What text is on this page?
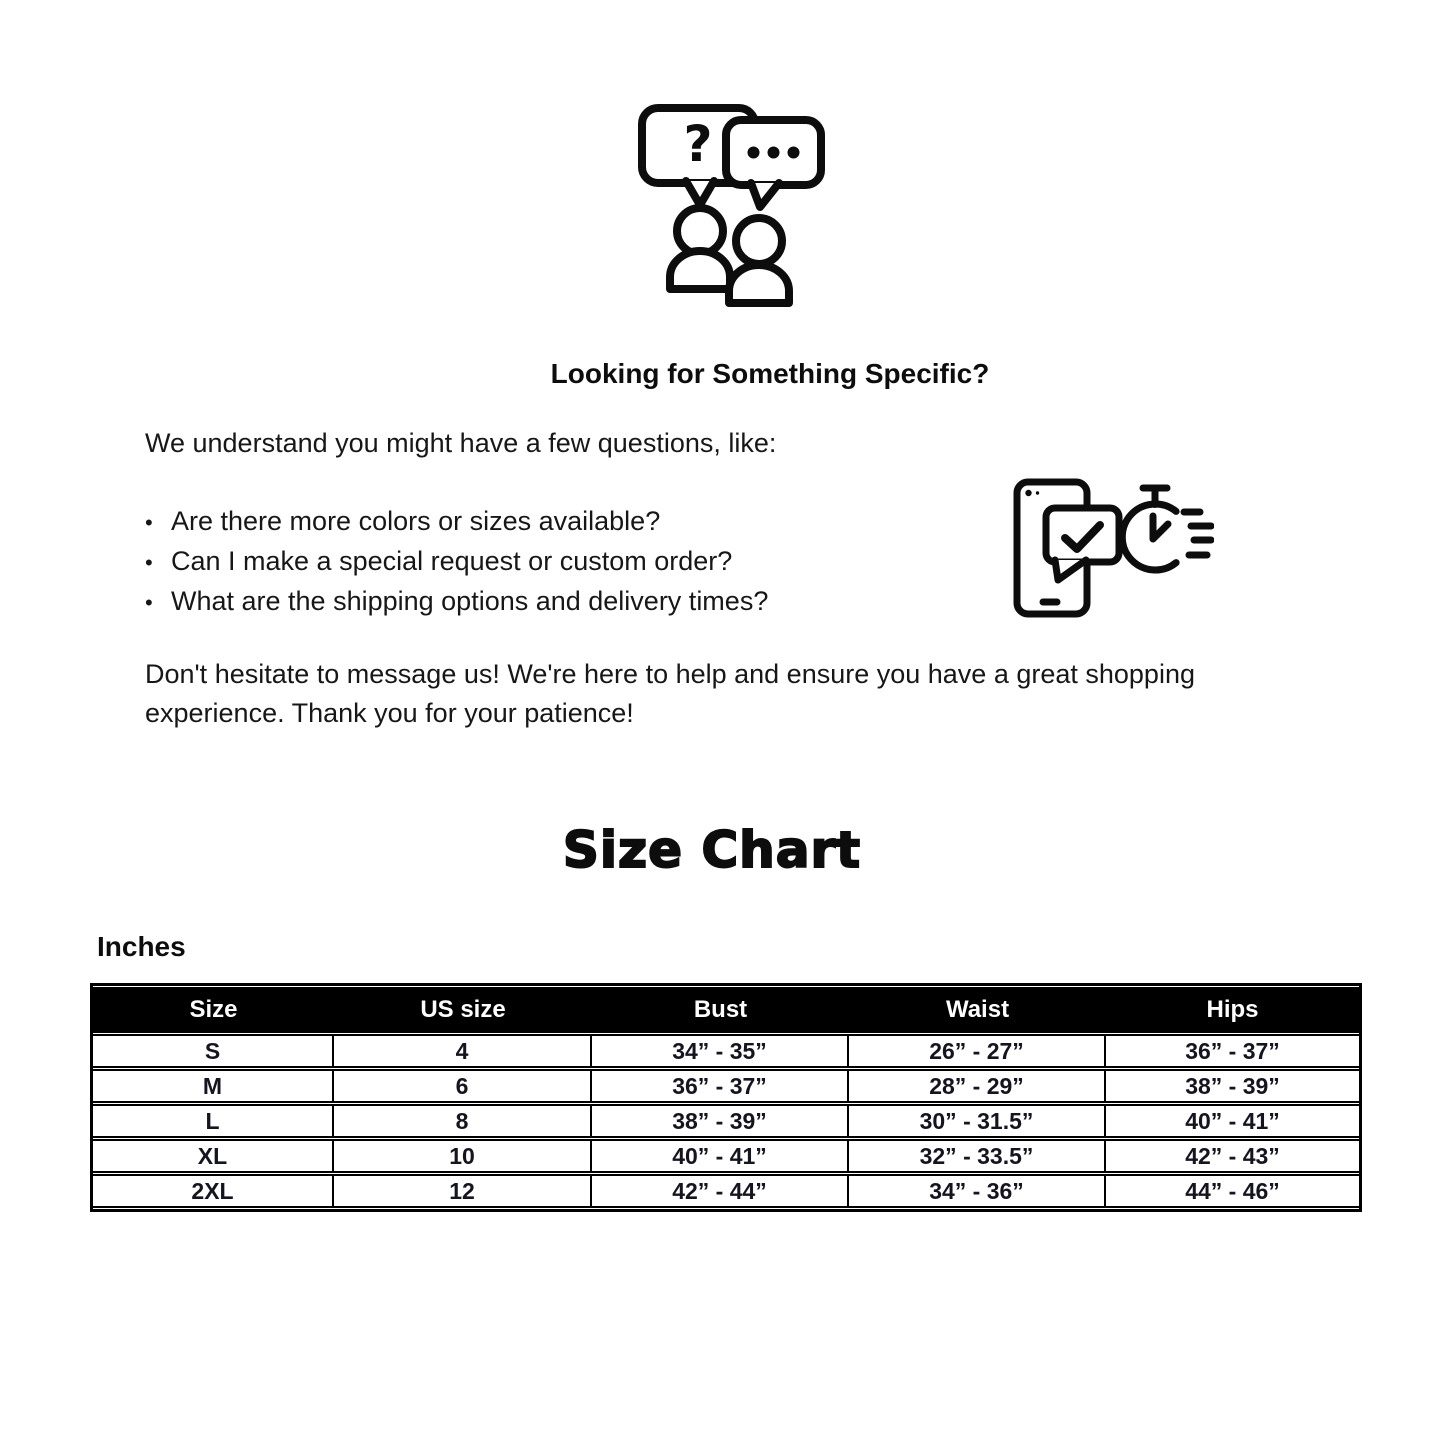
?
Looking for Something Specific?
We understand you might have a few questions, like:
• Are there more colors or sizes available?
• Can I make a special request or custom order?
• What are the shipping options and delivery times?
Don't hesitate to message us! We're here to help and ensure you have a great shopping
experience. Thank you for your patience!
Size Chart
Inches
Size	US size	Bust	Waist	Hips
S	4	34” - 35”	26” - 27”	36” - 37”
M	6	36” - 37”	28” - 29”	38” - 39”
L	8	38” - 39”	30” - 31.5”	40” - 41”
XL	10	40” - 41”	32” - 33.5”	42” - 43”
2XL	12	42” - 44”	34” - 36”	44” - 46”
